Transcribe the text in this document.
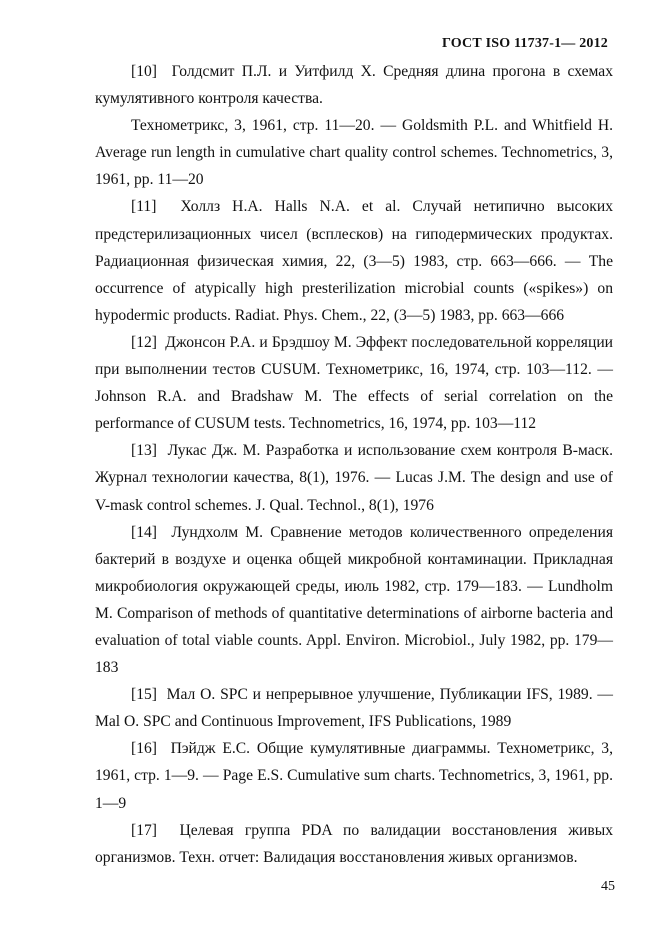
ГОСТ ISO 11737-1— 2012

[10] Голдсмит П.Л. и Уитфилд X. Средняя длина прогона в схемах кумулятивного контроля качества.

Технометрикс, 3, 1961, стр. 11—20. — Goldsmith P.L. and Whitfield H. Average run length in cumulative chart quality control schemes. Technometrics, 3, 1961, pp. 11—20

[11] Холлз Н.А. Halls N.A. et al. Случай нетипично высоких предстерилизационных чисел (всплесков) на гиподермических продуктах. Радиационная физическая химия, 22, (3—5) 1983, стр. 663—666. — The occurrence of atypically high presterilization microbial counts («spikes») on hypodermic products. Radiat. Phys. Chem., 22, (3—5) 1983, pp. 663—666

[12] Джонсон Р.А. и Брэдшоу М. Эффект последовательной корреляции при выполнении тестов CUSUM. Технометрикс, 16, 1974, стр. 103—112. — Johnson R.A. and Bradshaw M. The effects of serial correlation on the performance of CUSUM tests. Technometrics, 16, 1974, pp. 103—112

[13] Лукас Дж. М. Разработка и использование схем контроля В-маск. Журнал технологии качества, 8(1), 1976. — Lucas J.M. The design and use of V-mask control schemes. J. Qual. Technol., 8(1), 1976

[14] Лундхолм М. Сравнение методов количественного определения бактерий в воздухе и оценка общей микробной контаминации. Прикладная микробиология окружающей среды, июль 1982, стр. 179—183. — Lundholm M. Comparison of methods of quantitative determinations of airborne bacteria and evaluation of total viable counts. Appl. Environ. Microbiol., July 1982, pp. 179—183

[15] Мал О. SPC и непрерывное улучшение, Публикации IFS, 1989. — Mal O. SPC and Continuous Improvement, IFS Publications, 1989

[16] Пэйдж Е.С. Общие кумулятивные диаграммы. Технометрикс, 3, 1961, стр. 1—9. — Page E.S. Cumulative sum charts. Technometrics, 3, 1961, pp. 1—9

[17] Целевая группа PDA по валидации восстановления живых организмов. Техн. отчет: Валидация восстановления живых организмов.

45
